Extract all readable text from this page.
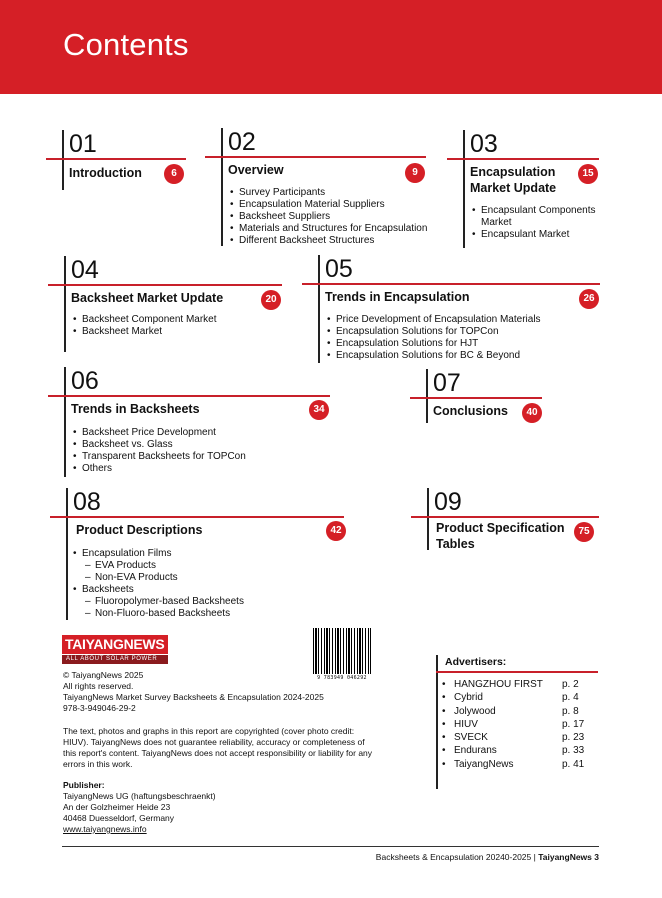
Contents
01
Introduction	6
02
Overview	9
• Survey Participants
• Encapsulation Material Suppliers
• Backsheet Suppliers
• Materials and Structures for Encapsulation
• Different Backsheet Structures
03
Encapsulation
Market Update
15
• Encapsulant Components Market
• Encapsulant Market
04
Backsheet Market Update	20
• Backsheet Component Market
• Backsheet Market
05
Trends in Encapsulation	26
• Price Development of Encapsulation Materials
• Encapsulation Solutions for TOPCon
• Encapsulation Solutions for HJT
• Encapsulation Solutions for BC & Beyond
06
Trends in Backsheets	34
• Backsheet Price Development
• Backsheet vs. Glass
• Transparent Backsheets for TOPCon
• Others
07
Conclusions	40
08
Product Descriptions	42
• Encapsulation Films
– EVA Products
– Non-EVA Products
• Backsheets
– Fluoropolymer-based Backsheets
– Non-Fluoro-based Backsheets
09
Product Specification
Tables
75
TAIYANGNEWS
ALL ABOUT SOLAR POWER
9 783949 046292
© TaiyangNews 2025
All rights reserved.
TaiyangNews Market Survey Backsheets & Encapsulation 2024-2025
978-3-949046-29-2
The text, photos and graphs in this report are copyrighted (cover photo credit:
HIUV). TaiyangNews does not guarantee reliability, accuracy or completeness of
this report's content. TaiyangNews does not accept responsibility or liability for any
errors in this work.
Publisher:
TaiyangNews UG (haftungsbeschraenkt)
An der Golzheimer Heide 23
40468 Duesseldorf, Germany
www.taiyangnews.info
Advertisers:
• HANGZHOU FIRST p. 2
• Cybrid	p. 4
• Jolywood	p. 8
• HIUV	p. 17
• SVECK	p. 23
• Endurans	p. 33
• TaiyangNews	p. 41
Backsheets & Encapsulation 20240-2025 | TaiyangNews 3
